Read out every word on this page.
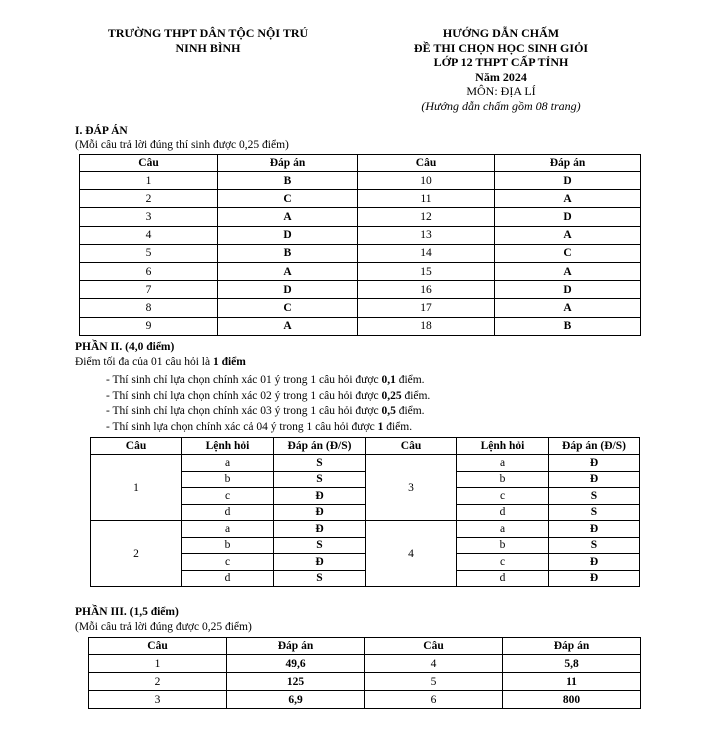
TRƯỜNG THPT DÂN TỘC NỘI TRÚ
NINH BÌNH
HƯỚNG DẪN CHẤM
ĐỀ THI CHỌN HỌC SINH GIỎI
LỚP 12 THPT CẤP TỈNH
Năm 2024
MÔN: ĐỊA LÍ
(Hướng dẫn chấm gồm 08 trang)
I. ĐÁP ÁN
(Mỗi câu trả lời đúng thí sinh được 0,25 điểm)
Câu	Đáp án	Câu	Đáp án
1	B	10	D
2	C	11	A
3	A	12	D
4	D	13	A
5	B	14	C
6	A	15	A
7	D	16	D
8	C	17	A
9	A	18	B
PHẦN II. (4,0 điểm)
Điểm tối đa của 01 câu hỏi là 1 điểm
- Thí sinh chỉ lựa chọn chính xác 01 ý trong 1 câu hỏi được 0,1 điểm.
- Thí sinh chỉ lựa chọn chính xác 02 ý trong 1 câu hỏi được 0,25 điểm.
- Thí sinh chỉ lựa chọn chính xác 03 ý trong 1 câu hỏi được 0,5 điểm.
- Thí sinh lựa chọn chính xác cả 04 ý trong 1 câu hỏi được 1 điểm.
Câu	Lệnh hỏi	Đáp án (Đ/S)	Câu	Lệnh hỏi	Đáp án (Đ/S)
1	a	S	3	a	Đ
	b	S		b	Đ
	c	Đ		c	S
	d	Đ		d	S
2	a	Đ	4	a	Đ
	b	S		b	S
	c	Đ		c	Đ
	d	S		d	Đ
PHẦN III. (1,5 điểm)
(Mỗi câu trả lời đúng được 0,25 điểm)
Câu	Đáp án	Câu	Đáp án
1	49,6	4	5,8
2	125	5	11
3	6,9	6	800
